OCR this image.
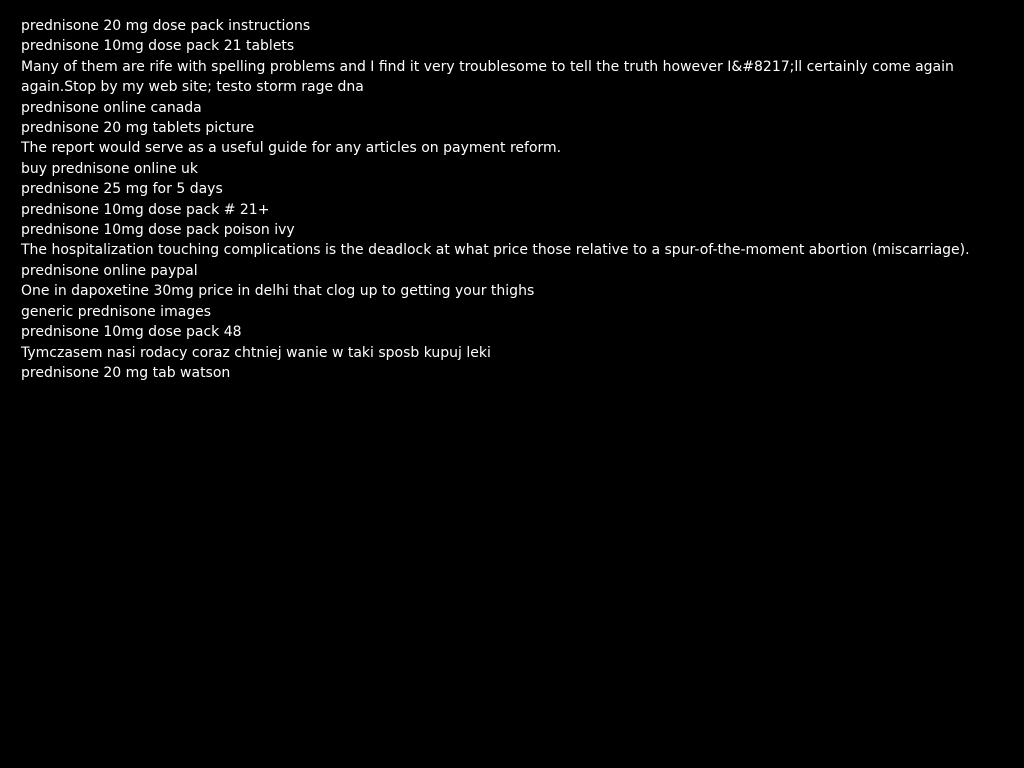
prednisone 20 mg dose pack instructions
prednisone 10mg dose pack 21 tablets
Many of them are rife with spelling problems and I find it very troublesome to tell the truth however I&#8217;ll certainly come again
again.Stop by my web site; testo storm rage dna
prednisone online canada
prednisone 20 mg tablets picture
The report would serve as a useful guide for any articles on payment reform.
buy prednisone online uk
prednisone 25 mg for 5 days
prednisone 10mg dose pack # 21+
prednisone 10mg dose pack poison ivy
The hospitalization touching complications is the deadlock at what price those relative to a spur-of-the-moment abortion (miscarriage).
prednisone online paypal
One in dapoxetine 30mg price in delhi that clog up to getting your thighs
generic prednisone images
prednisone 10mg dose pack 48
Tymczasem nasi rodacy coraz chtniej wanie w taki sposb kupuj leki
prednisone 20 mg tab watson
